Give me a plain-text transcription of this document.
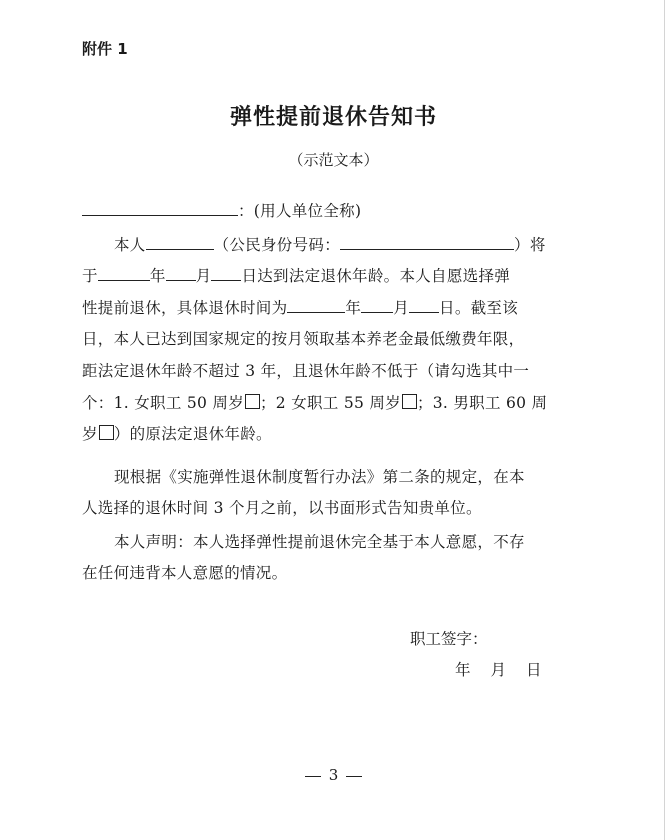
附件 1
弹性提前退休告知书
（示范文本）
：(用人单位全称)
本人	（公民身份号码：	）将
于	年 月 日达到法定退休年龄。本人自愿选择弹
性提前退休，具体退休时间为	年 月 日。截至该
日，本人已达到国家规定的按月领取基本养老金最低缴费年限，
距法定退休年龄不超过 3 年，且退休年龄不低于（请勾选其中一
个：1. 女职工 50 周岁 ；2 女职工 55 周岁 ；3. 男职工 60 周
岁 ）的原法定退休年龄。
现根据《实施弹性退休制度暂行办法》第二条的规定，在本
人选择的退休时间 3 个月之前，以书面形式告知贵单位。
本人声明：本人选择弹性提前退休完全基于本人意愿，不存
在任何违背本人意愿的情况。
职工签字：
年 月 日
3
